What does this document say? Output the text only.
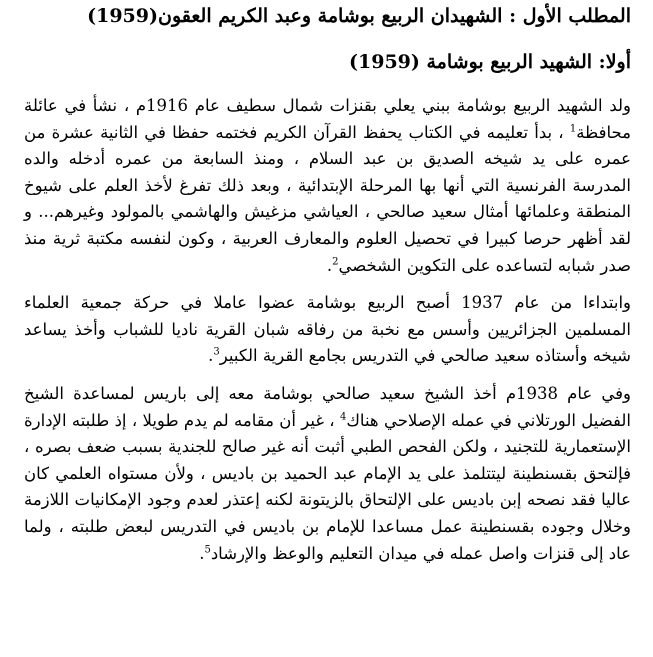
المطلب الأول : الشهيدان الربيع بوشامة وعبد الكريم العقون(1959)
أولا: الشهيد الربيع بوشامة (1959)

ولد الشهيد الربيع بوشامة ببني يعلي بقنزات شمال سطيف عام 1916م ، نشأ في عائلة محافظة$^1$ ، بدأ تعليمه في الكتاب يحفظ القرآن الكريم فختمه حفظا في الثانية عشرة من عمره على يد شيخه الصديق بن عبد السلام ، ومنذ السابعة من عمره أدخله والده المدرسة الفرنسية التي أنها بها المرحلة الإبتدائية ، وبعد ذلك تفرغ لأخذ العلم على شيوخ المنطقة وعلمائها أمثال سعيد صالحي ، العياشي مزغيش والهاشمي بالمولود وغيرهم... و لقد أظهر حرصا كبيرا في تحصيل العلوم والمعارف العربية ، وكون لنفسه مكتبة ثرية منذ صدر شبابه لتساعده على التكوين الشخصي$^2$.

وابتداءا من عام 1937 أصبح الربيع بوشامة عضوا عاملا في حركة جمعية العلماء المسلمين الجزائريين وأسس مع نخبة من رفاقه شبان القرية ناديا للشباب وأخذ يساعد شيخه وأستاذه سعيد صالحي في التدريس بجامع القرية الكبير$^3$.

وفي عام 1938م أخذ الشيخ سعيد صالحي بوشامة معه إلى باريس لمساعدة الشيخ الفضيل الورتلاني في عمله الإصلاحي هناك$^4$ ، غير أن مقامه لم يدم طويلا ، إذ طلبته الإدارة الإستعمارية للتجنيد ، ولكن الفحص الطبي أثبت أنه غير صالح للجندية بسبب ضعف بصره ، فإلتحق بقسنطينة ليتتلمذ على يد الإمام عبد الحميد بن باديس ، ولأن مستواه العلمي كان عاليا فقد نصحه إبن باديس على الإلتحاق بالزيتونة لكنه إعتذر لعدم وجود الإمكانيات اللازمة وخلال وجوده بقسنطينة عمل مساعدا للإمام بن باديس في التدريس لبعض طلبته ، ولما عاد إلى قنزات واصل عمله في ميدان التعليم والوعظ والإرشاد$^5$.
